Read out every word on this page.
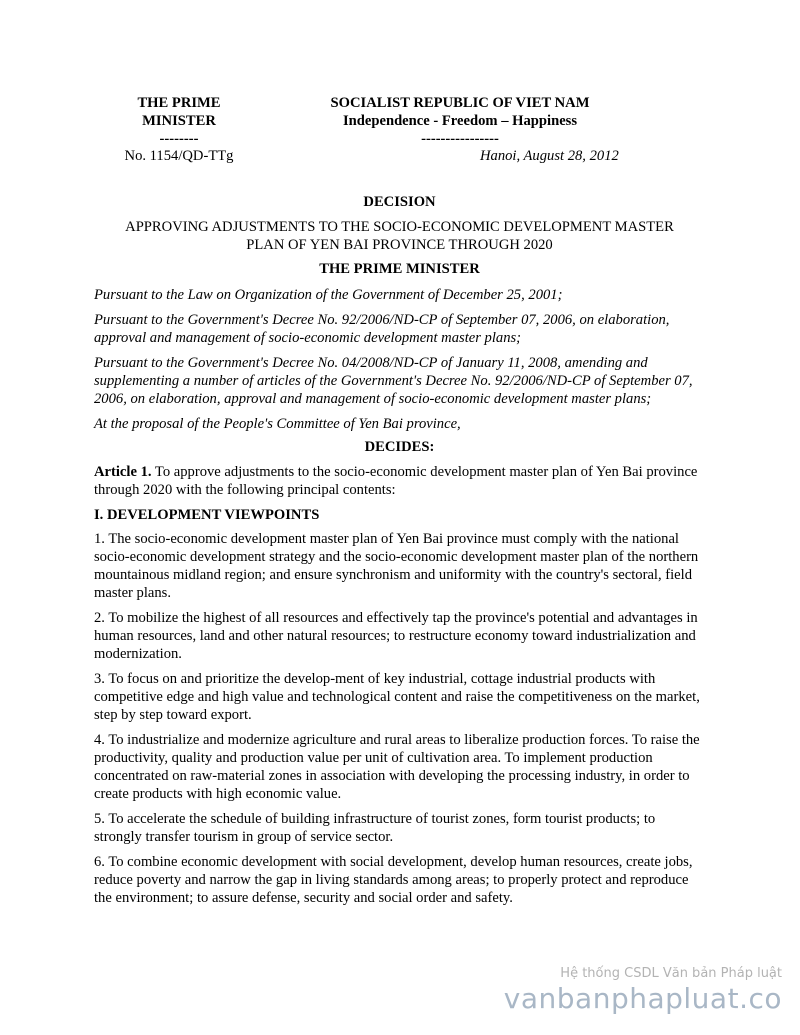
THE PRIME
MINISTER
--------
No. 1154/QD-TTg
SOCIALIST REPUBLIC OF VIET NAM
Independence - Freedom – Happiness
----------------
Hanoi, August 28, 2012
DECISION
APPROVING ADJUSTMENTS TO THE SOCIO-ECONOMIC DEVELOPMENT MASTER
PLAN OF YEN BAI PROVINCE THROUGH 2020
THE PRIME MINISTER

Pursuant to the Law on Organization of the Government of December 25, 2001;

Pursuant to the Government's Decree No. 92/2006/ND-CP of September 07, 2006, on elaboration, approval and management of socio-economic development master plans;

Pursuant to the Government's Decree No. 04/2008/ND-CP of January 11, 2008, amending and supplementing a number of articles of the Government's Decree No. 92/2006/ND-CP of September 07, 2006, on elaboration, approval and management of socio-economic development master plans;

At the proposal of the People's Committee of Yen Bai province,

DECIDES:

Article 1. To approve adjustments to the socio-economic development master plan of Yen Bai province through 2020 with the following principal contents:

I. DEVELOPMENT VIEWPOINTS

1. The socio-economic development master plan of Yen Bai province must comply with the national socio-economic development strategy and the socio-economic development master plan of the northern mountainous midland region; and ensure synchronism and uniformity with the country's sectoral, field master plans.

2. To mobilize the highest of all resources and effectively tap the province's potential and advantages in human resources, land and other natural resources; to restructure economy toward industrialization and modernization.

3. To focus on and prioritize the develop-ment of key industrial, cottage industrial products with competitive edge and high value and technological content and raise the competitiveness on the market, step by step toward export.

4. To industrialize and modernize agriculture and rural areas to liberalize production forces. To raise the productivity, quality and production value per unit of cultivation area. To implement production concentrated on raw-material zones in association with developing the processing industry, in order to create products with high economic value.

5. To accelerate the schedule of building infrastructure of tourist zones, form tourist products; to strongly transfer tourism in group of service sector.

6. To combine economic development with social development, develop human resources, create jobs, reduce poverty and narrow the gap in living standards among areas; to properly protect and reproduce the environment; to assure defense, security and social order and safety.

Hệ thống CSDL Văn bản Pháp luật
vanbanphapluat.co
